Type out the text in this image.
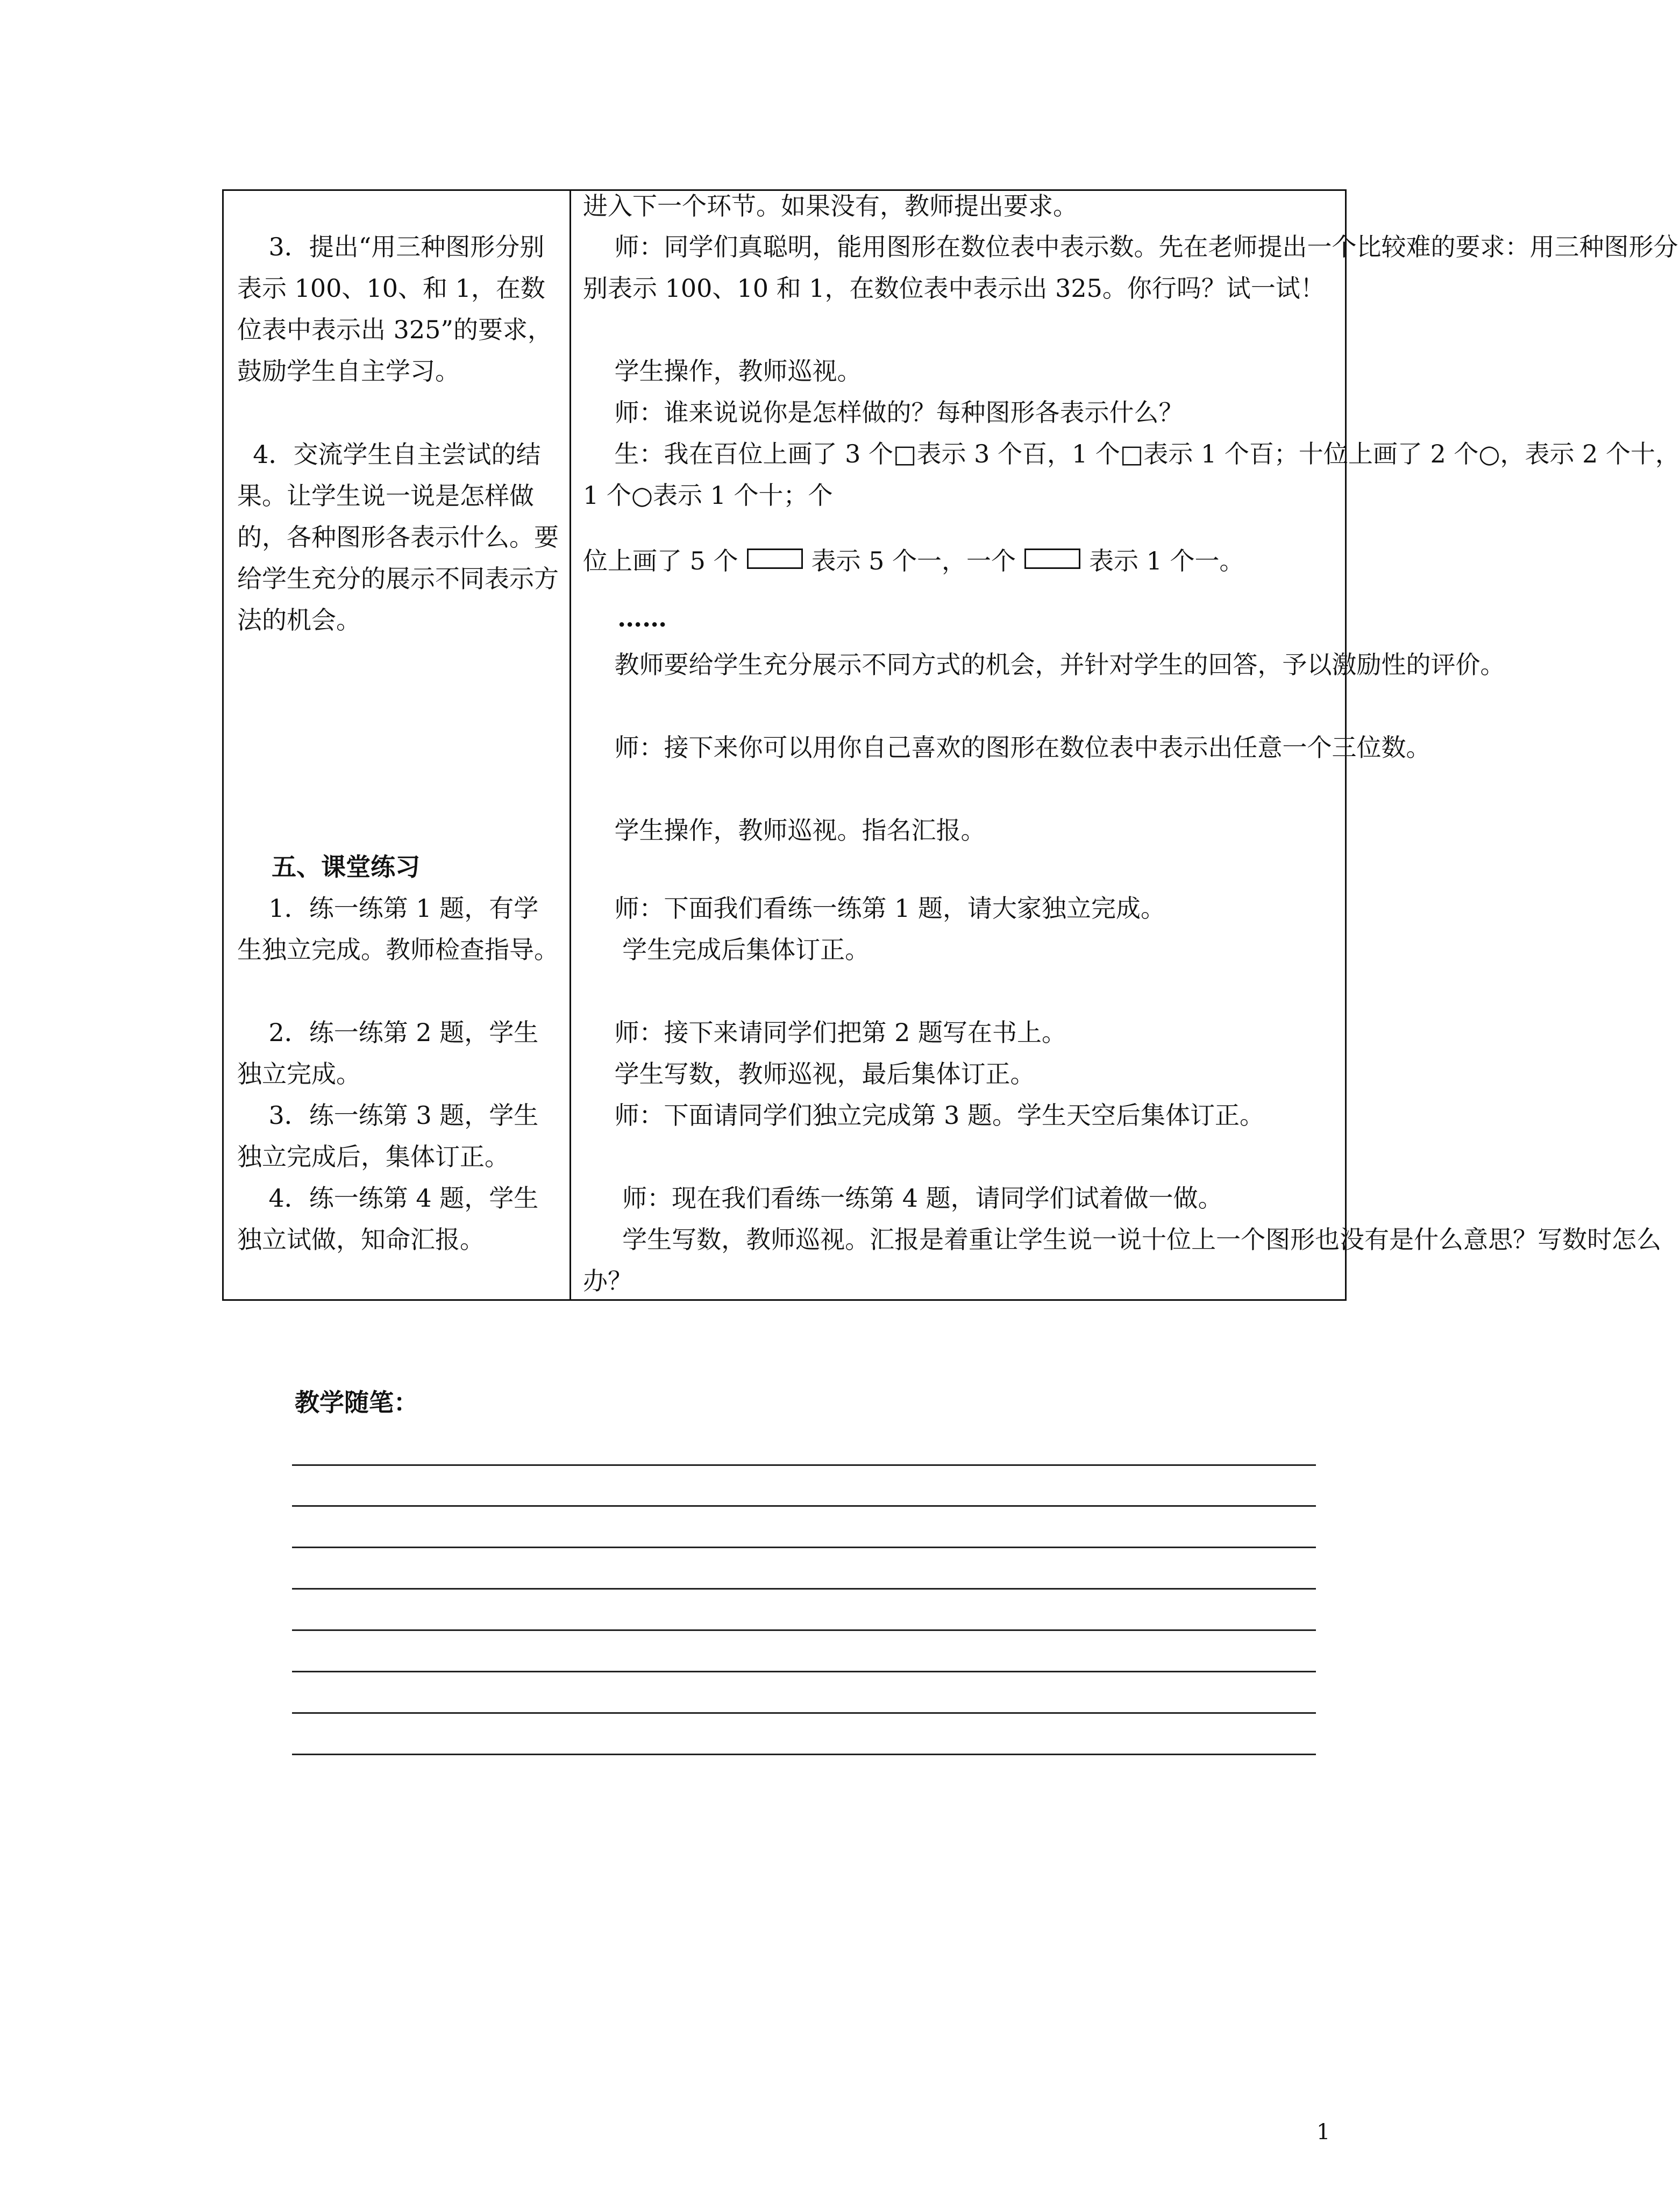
3．提出“用三种图形分别表示 100、10、和 1，在数位表中表示出 325”的要求，鼓励学生自主学习。
4．交流学生自主尝试的结果。让学生说一说是怎样做的，各种图形各表示什么。要给学生充分的展示不同表示方法的机会。
五、课堂练习
1．练一练第 1 题，有学生独立完成。教师检查指导。
2．练一练第 2 题，学生独立完成。
3．练一练第 3 题，学生独立完成后，集体订正。
4．练一练第 4 题，学生独立试做，知命汇报。
进入下一个环节。如果没有，教师提出要求。
师：同学们真聪明，能用图形在数位表中表示数。先在老师提出一个比较难的要求：用三种图形分别表示 100、10 和 1，在数位表中表示出 325。你行吗？试一试！
学生操作，教师巡视。
师：谁来说说你是怎样做的？每种图形各表示什么？
生：我在百位上画了 3 个□表示 3 个百，1 个□表示 1 个百；十位上画了 2 个○，表示 2 个十，1 个○表示 1 个十；个
位上画了 5 个	表示 5 个一，一个	表示 1 个一。
……
教师要给学生充分展示不同方式的机会，并针对学生的回答，予以激励性的评价。
师：接下来你可以用你自己喜欢的图形在数位表中表示出任意一个三位数。
学生操作，教师巡视。指名汇报。
师：下面我们看练一练第 1 题，请大家独立完成。
学生完成后集体订正。
师：接下来请同学们把第 2 题写在书上。
学生写数，教师巡视，最后集体订正。
师：下面请同学们独立完成第 3 题。学生天空后集体订正。
师：现在我们看练一练第 4 题，请同学们试着做一做。
学生写数，教师巡视。汇报是着重让学生说一说十位上一个图形也没有是什么意思？写数时怎么办？
教学随笔：
1
